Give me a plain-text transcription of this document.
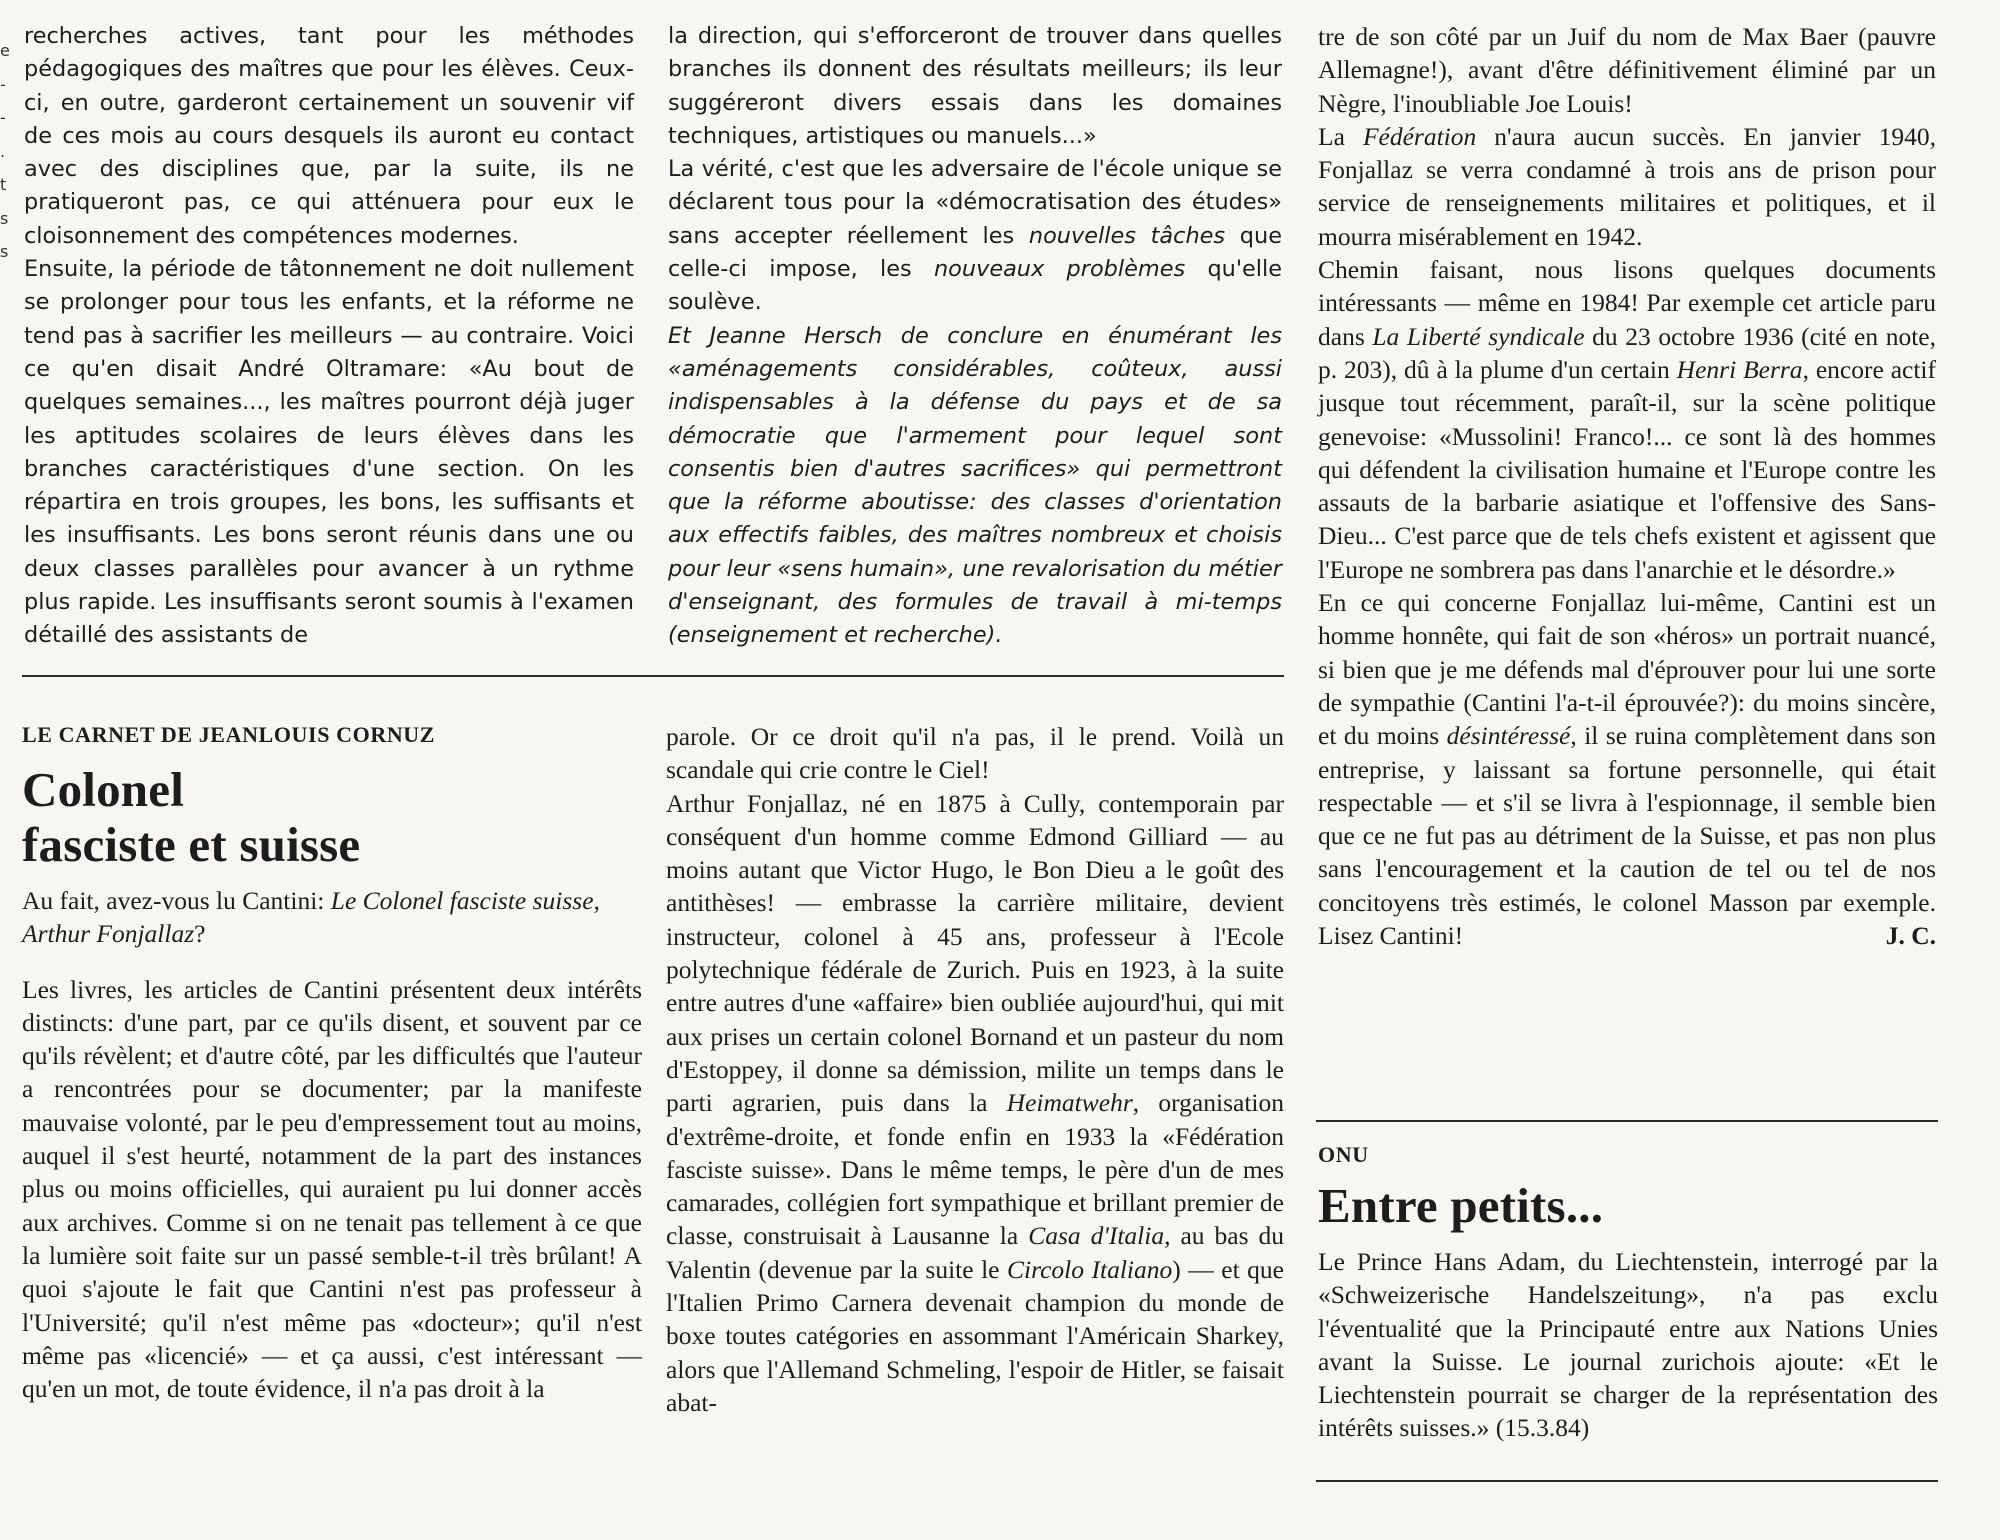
e
-
-
.
t
s
s

recherches actives, tant pour les méthodes pédagogiques des maîtres que pour les élèves. Ceux-ci, en outre, garderont certainement un souvenir vif de ces mois au cours desquels ils auront eu contact avec des disciplines que, par la suite, ils ne pratiqueront pas, ce qui atténuera pour eux le cloisonnement des compétences modernes.

Ensuite, la période de tâtonnement ne doit nullement se prolonger pour tous les enfants, et la réforme ne tend pas à sacrifier les meilleurs — au contraire. Voici ce qu'en disait André Oltramare: «Au bout de quelques semaines..., les maîtres pourront déjà juger les aptitudes scolaires de leurs élèves dans les branches caractéristiques d'une section. On les répartira en trois groupes, les bons, les suffisants et les insuffisants. Les bons seront réunis dans une ou deux classes parallèles pour avancer à un rythme plus rapide. Les insuffisants seront soumis à l'examen détaillé des assistants de

la direction, qui s'efforceront de trouver dans quelles branches ils donnent des résultats meilleurs; ils leur suggéreront divers essais dans les domaines techniques, artistiques ou manuels...»

La vérité, c'est que les adversaire de l'école unique se déclarent tous pour la «démocratisation des études» sans accepter réellement les nouvelles tâches que celle-ci impose, les nouveaux problèmes qu'elle soulève.

Et Jeanne Hersch de conclure en énumérant les «aménagements considérables, coûteux, aussi indispensables à la défense du pays et de sa démocratie que l'armement pour lequel sont consentis bien d'autres sacrifices» qui permettront que la réforme aboutisse: des classes d'orientation aux effectifs faibles, des maîtres nombreux et choisis pour leur «sens humain», une revalorisation du métier d'enseignant, des formules de travail à mi-temps (enseignement et recherche).

tre de son côté par un Juif du nom de Max Baer (pauvre Allemagne!), avant d'être définitivement éliminé par un Nègre, l'inoubliable Joe Louis!

La Fédération n'aura aucun succès. En janvier 1940, Fonjallaz se verra condamné à trois ans de prison pour service de renseignements militaires et politiques, et il mourra misérablement en 1942.

Chemin faisant, nous lisons quelques documents intéressants — même en 1984! Par exemple cet article paru dans La Liberté syndicale du 23 octobre 1936 (cité en note, p. 203), dû à la plume d'un certain Henri Berra, encore actif jusque tout récemment, paraît-il, sur la scène politique genevoise: «Mussolini! Franco!... ce sont là des hommes qui défendent la civilisation humaine et l'Europe contre les assauts de la barbarie asiatique et l'offensive des Sans-Dieu... C'est parce que de tels chefs existent et agissent que l'Europe ne sombrera pas dans l'anarchie et le désordre.»

En ce qui concerne Fonjallaz lui-même, Cantini est un homme honnête, qui fait de son «héros» un portrait nuancé, si bien que je me défends mal d'éprouver pour lui une sorte de sympathie (Cantini l'a-t-il éprouvée?): du moins sincère, et du moins désintéressé, il se ruina complètement dans son entreprise, y laissant sa fortune personnelle, qui était respectable — et s'il se livra à l'espionnage, il semble bien que ce ne fut pas au détriment de la Suisse, et pas non plus sans l'encouragement et la caution de tel ou tel de nos concitoyens très estimés, le colonel Masson par exemple. Lisez Cantini!	J. C.

LE CARNET DE JEANLOUIS CORNUZ
Colonel
fasciste et suisse
Au fait, avez-vous lu Cantini: Le Colonel fasciste suisse, Arthur Fonjallaz?

Les livres, les articles de Cantini présentent deux intérêts distincts: d'une part, par ce qu'ils disent, et souvent par ce qu'ils révèlent; et d'autre côté, par les difficultés que l'auteur a rencontrées pour se documenter; par la manifeste mauvaise volonté, par le peu d'empressement tout au moins, auquel il s'est heurté, notamment de la part des instances plus ou moins officielles, qui auraient pu lui donner accès aux archives. Comme si on ne tenait pas tellement à ce que la lumière soit faite sur un passé semble-t-il très brûlant! A quoi s'ajoute le fait que Cantini n'est pas professeur à l'Université; qu'il n'est même pas «docteur»; qu'il n'est même pas «licencié» — et ça aussi, c'est intéressant — qu'en un mot, de toute évidence, il n'a pas droit à la

parole. Or ce droit qu'il n'a pas, il le prend. Voilà un scandale qui crie contre le Ciel!

Arthur Fonjallaz, né en 1875 à Cully, contemporain par conséquent d'un homme comme Edmond Gilliard — au moins autant que Victor Hugo, le Bon Dieu a le goût des antithèses! — embrasse la carrière militaire, devient instructeur, colonel à 45 ans, professeur à l'Ecole polytechnique fédérale de Zurich. Puis en 1923, à la suite entre autres d'une «affaire» bien oubliée aujourd'hui, qui mit aux prises un certain colonel Bornand et un pasteur du nom d'Estoppey, il donne sa démission, milite un temps dans le parti agrarien, puis dans la Heimatwehr, organisation d'extrême-droite, et fonde enfin en 1933 la «Fédération fasciste suisse». Dans le même temps, le père d'un de mes camarades, collégien fort sympathique et brillant premier de classe, construisait à Lausanne la Casa d'Italia, au bas du Valentin (devenue par la suite le Circolo Italiano) — et que l'Italien Primo Carnera devenait champion du monde de boxe toutes catégories en assommant l'Américain Sharkey, alors que l'Allemand Schmeling, l'espoir de Hitler, se faisait abat-

ONU
Entre petits...

Le Prince Hans Adam, du Liechtenstein, interrogé par la «Schweizerische Handelszeitung», n'a pas exclu l'éventualité que la Principauté entre aux Nations Unies avant la Suisse. Le journal zurichois ajoute: «Et le Liechtenstein pourrait se charger de la représentation des intérêts suisses.» (15.3.84)
